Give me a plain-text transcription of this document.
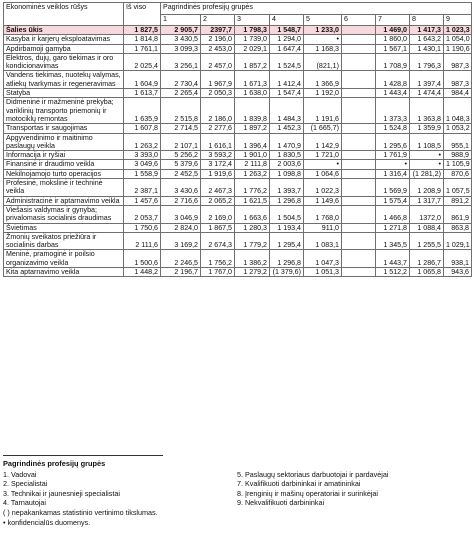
Ekonominės veiklos rūšys	Iš viso	Pagrindinės profesijų grupės								
		1	2	3	4	5	6	7	8	9
Šalies ūkis	1 827,5	2 905,7	2397,7	1 798,3	1 548,7	1 233,0		1 469,0	1 417,3	1 023,3
Kasyba ir karjerų eksploatavimas	1 814,8	3 430,5	2 196,0	1 739,0	1 294,0	•		1 860,0	1 643,2	1 054,0
Apdirbamoji gamyba	1 761,1	3 099,3	2 453,0	2 029,1	1 647,4	1 168,3		1 567,1	1 430,1	1 190,6
Elektros, dujų, garo tiekimas ir oro kondicionavimas	2 025,4	3 256,1	2 457,0	1 857,2	1 524,5	(821,1)		1 708,9	1 796,3	987,3
Vandens tiekimas, nuotekų valymas, atliekų tvarkymas ir regeneravimas	1 604,9	2 730,4	1 967,9	1 671,3	1 412,4	1 366,9		1 428,8	1 397,4	987,3
Statyba	1 613,7	2 265,4	2 050,3	1 638,0	1 547,4	1 192,0		1 443,4	1 474,4	984,4
Didmeninė ir mažmeninė prekyba; variklinių transporto priemonių ir motociklų remontas	1 635,9	2 515,8	2 186,0	1 839,8	1 484,3	1 191,6		1 373,3	1 363,8	1 048,3
Transportas ir saugojimas	1 607,8	2 714,5	2 277,6	1 897,2	1 452,3	(1 665,7)		1 524,8	1 359,9	1 053,2
Apgyvendinimo ir maitinimo paslaugų veikla	1 263,2	2 107,1	1 616,1	1 396,4	1 470,9	1 142,9		1 295,6	1 108,5	955,1
Informacija ir ryšiai	3 393,0	5 256,2	3 593,2	1 901,0	1 830,5	1 721,0		1 761,9	•	988,9
Finansinė ir draudimo veikla	3 049,6	5 379,6	3 172,4	2 111,8	2 003,6	•		•	•	1 105,9
Nekilnojamojo turto operacijos	1 558,9	2 452,5	1 919,6	1 263,2	1 098,8	1 064,6		1 316,4	(1 281,2)	870,6
Profesinė, mokslinė ir techninė veikla	2 387,1	3 430,6	2 467,3	1 776,2	1 393,7	1 022,3		1 569,9	1 208,9	1 057,5
Administracinė ir aptarnavimo veikla	1 457,6	2 716,6	2 065,2	1 621,5	1 296,8	1 149,6		1 575,4	1 317,7	891,2
Viešasis valdymas ir gynyba; privalomasis socialinis draudimas	2 053,7	3 046,9	2 169,0	1 663,6	1 504,5	1 768,0		1 466,8	1372,0	861,9
Švietimas	1 750,6	2 824,0	1 867,5	1 280,3	1 193,4	911,0		1 271,8	1 088,4	863,8
Žmonių sveikatos priežiūra ir socialinis darbas	2 111,6	3 169,2	2 674,3	1 779,2	1 295,4	1 083,1		1 345,5	1 255,5	1 029,1
Meninė, pramoginė ir poilsio organizavimo veikla	1 500,6	2 246,5	1 756,2	1 386,2	1 296,8	1 047,3		1 443,7	1 286,7	938,1
Kita aptarnavimo veikla	1 448,2	2 196,7	1 767,0	1 279,2	(1 379,6)	1 051,3		1 512,2	1 065,8	943,6
Pagrindinės profesijų grupės
1. Vadovai
2. Specialistai
3. Technikai ir jaunesnieji specialistai
4. Tarnautojai
( ) nepakankamas statistinio vertinimo tikslumas.
• konfidencialūs duomenys.
5. Paslaugų sektoriaus darbuotojai ir pardavėjai
7. Kvalifikuoti darbininkai ir amatininkai
8. Įrenginių ir mašinų operatoriai ir surinkėjai
9. Nekvalifikuoti darbininkai
